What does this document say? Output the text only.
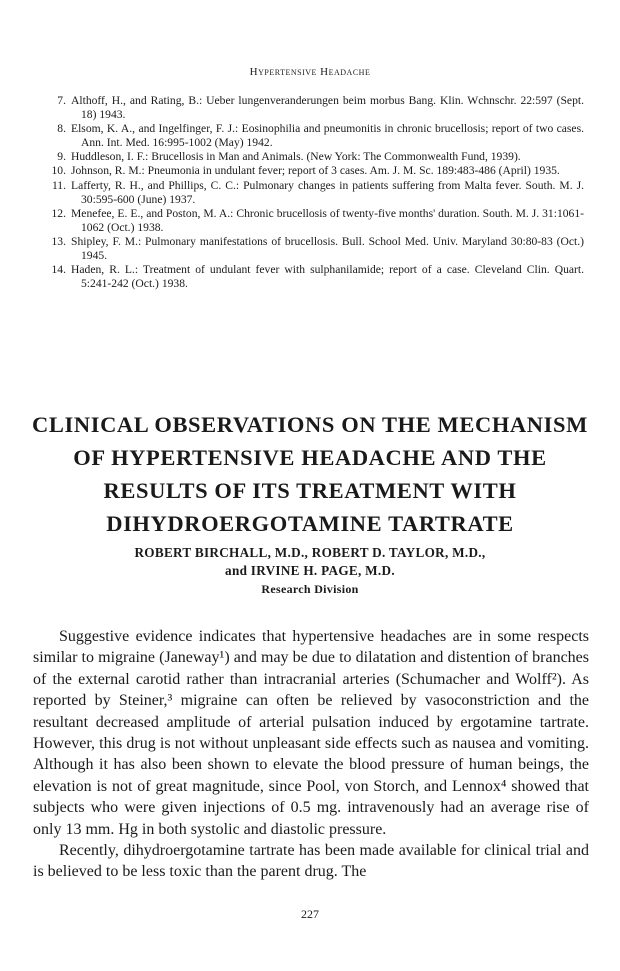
Hypertensive Headache
7. Althoff, H., and Rating, B.: Ueber lungenveranderungen beim morbus Bang. Klin. Wchnschr. 22:597 (Sept. 18) 1943.
8. Elsom, K. A., and Ingelfinger, F. J.: Eosinophilia and pneumonitis in chronic brucellosis; report of two cases. Ann. Int. Med. 16:995-1002 (May) 1942.
9. Huddleson, I. F.: Brucellosis in Man and Animals. (New York: The Commonwealth Fund, 1939).
10. Johnson, R. M.: Pneumonia in undulant fever; report of 3 cases. Am. J. M. Sc. 189:483-486 (April) 1935.
11. Lafferty, R. H., and Phillips, C. C.: Pulmonary changes in patients suffering from Malta fever. South. M. J. 30:595-600 (June) 1937.
12. Menefee, E. E., and Poston, M. A.: Chronic brucellosis of twenty-five months' duration. South. M. J. 31:1061-1062 (Oct.) 1938.
13. Shipley, F. M.: Pulmonary manifestations of brucellosis. Bull. School Med. Univ. Maryland 30:80-83 (Oct.) 1945.
14. Haden, R. L.: Treatment of undulant fever with sulphanilamide; report of a case. Cleveland Clin. Quart. 5:241-242 (Oct.) 1938.
CLINICAL OBSERVATIONS ON THE MECHANISM
OF HYPERTENSIVE HEADACHE AND THE
RESULTS OF ITS TREATMENT WITH
DIHYDROERGOTAMINE TARTRATE
ROBERT BIRCHALL, M.D., ROBERT D. TAYLOR, M.D.,
and IRVINE H. PAGE, M.D.
Research Division

Suggestive evidence indicates that hypertensive headaches are in some respects similar to migraine (Janeway¹) and may be due to dilatation and distention of branches of the external carotid rather than intracranial arteries (Schumacher and Wolff²). As reported by Steiner,³ migraine can often be relieved by vasoconstriction and the resultant decreased amplitude of arterial pulsation induced by ergotamine tartrate. However, this drug is not without unpleasant side effects such as nausea and vomiting. Although it has also been shown to elevate the blood pressure of human beings, the elevation is not of great magnitude, since Pool, von Storch, and Lennox⁴ showed that subjects who were given injections of 0.5 mg. intravenously had an average rise of only 13 mm. Hg in both systolic and diastolic pressure.

Recently, dihydroergotamine tartrate has been made available for clinical trial and is believed to be less toxic than the parent drug. The

227
